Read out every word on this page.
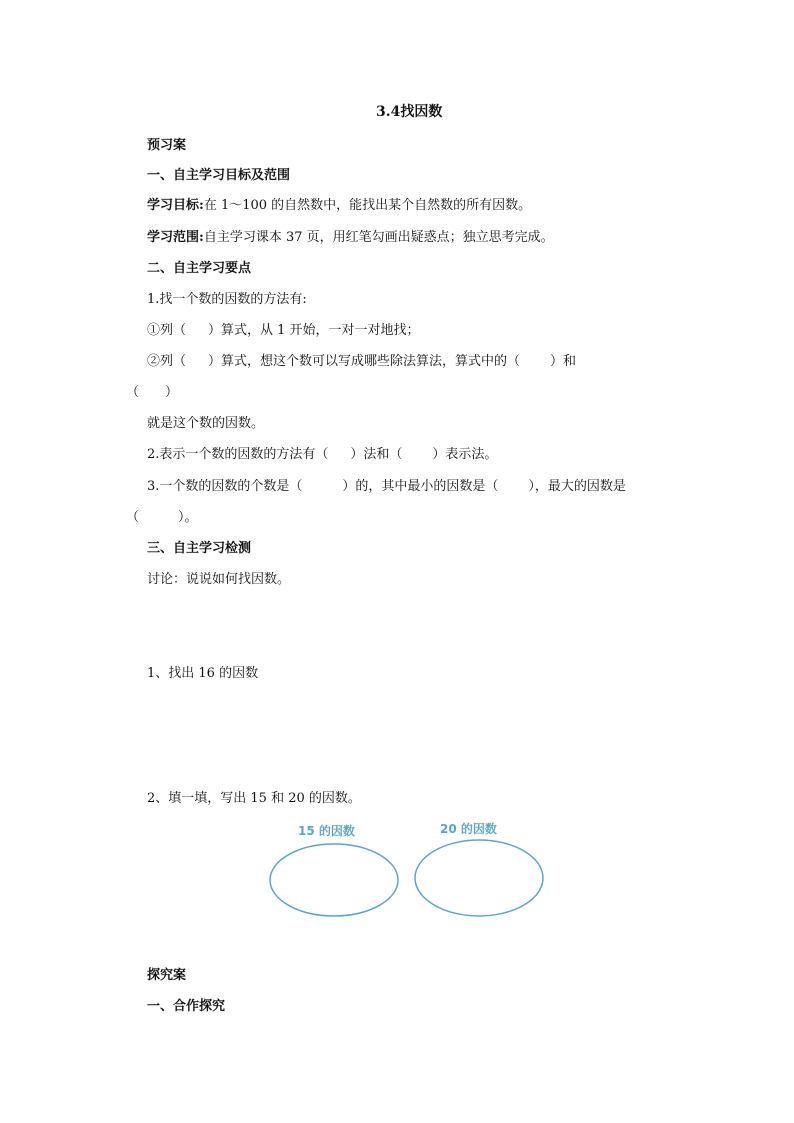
3.4找因数
预习案
一、自主学习目标及范围
学习目标:在 1～100 的自然数中，能找出某个自然数的所有因数。
学习范围:自主学习课本 37 页，用红笔勾画出疑惑点；独立思考完成。
二、自主学习要点
1.找一个数的因数的方法有:
①列（ ）算式，从 1 开始，一对一对地找；
②列（ ）算式，想这个数可以写成哪些除法算法，算式中的（ ）和
（　　）
就是这个数的因数。
2.表示一个数的因数的方法有（ ）法和（ ）表示法。
3.一个数的因数的个数是（	）的，其中最小的因数是（ ），最大的因数是
（　　　）。
三、自主学习检测
讨论：说说如何找因数。
1、找出 16 的因数
2、填一填，写出 15 和 20 的因数。
15 的因数	20 的因数
探究案
一、合作探究
